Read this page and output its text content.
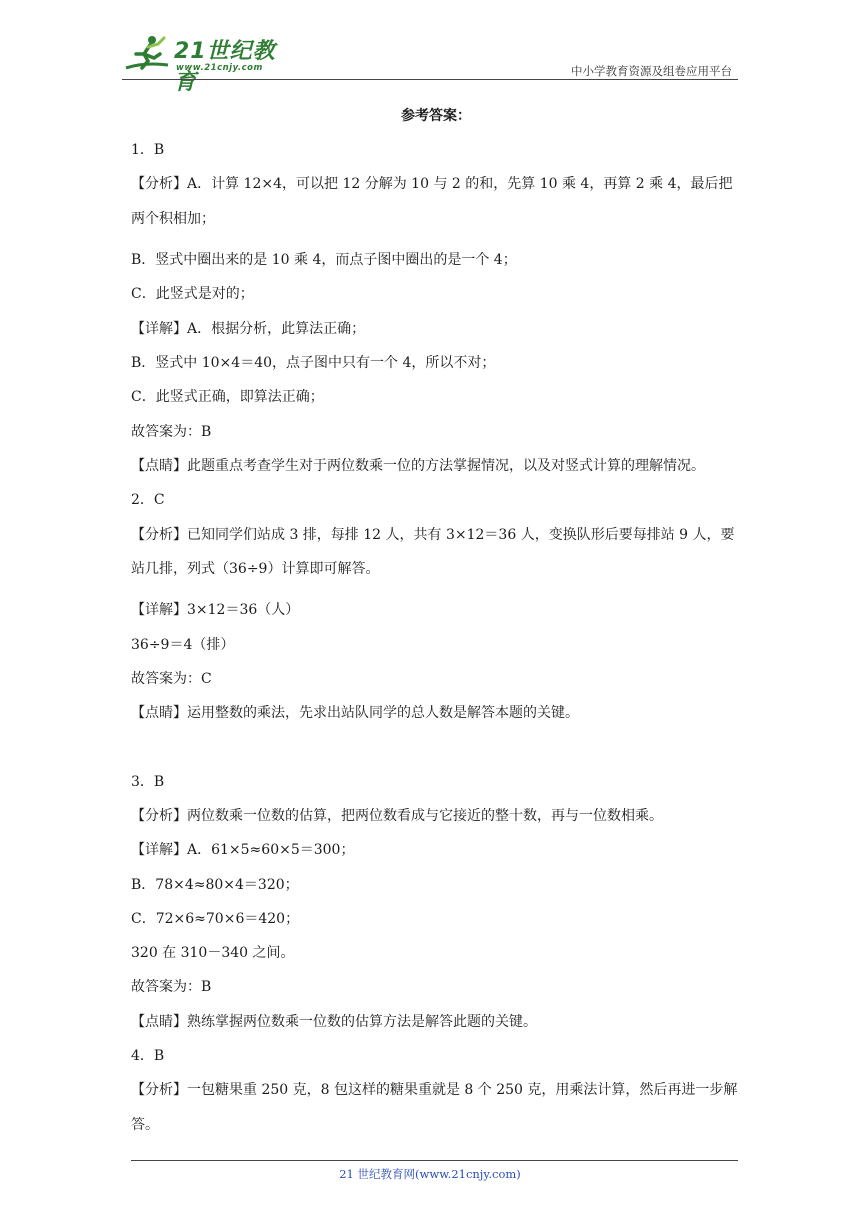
21世纪教育
www.21cnjy.com	中小学教育资源及组卷应用平台
参考答案：
1．B
【分析】A．计算 12×4，可以把 12 分解为 10 与 2 的和，先算 10 乘 4，再算 2 乘 4，最后把两个积相加；
B．竖式中圈出来的是 10 乘 4，而点子图中圈出的是一个 4；
C．此竖式是对的；
【详解】A．根据分析，此算法正确；
B．竖式中 10×4＝40，点子图中只有一个 4，所以不对；
C．此竖式正确，即算法正确；
故答案为：B
【点睛】此题重点考查学生对于两位数乘一位的方法掌握情况，以及对竖式计算的理解情况。
2．C
【分析】已知同学们站成 3 排，每排 12 人，共有 3×12＝36 人，变换队形后要每排站 9 人，要站几排，列式（36÷9）计算即可解答。
【详解】3×12＝36（人）
36÷9＝4（排）
故答案为：C
【点睛】运用整数的乘法，先求出站队同学的总人数是解答本题的关键。
3．B
【分析】两位数乘一位数的估算，把两位数看成与它接近的整十数，再与一位数相乘。
【详解】A．61×5≈60×5＝300；
B．78×4≈80×4＝320；
C．72×6≈70×6＝420；
320 在 310－340 之间。
故答案为：B
【点睛】熟练掌握两位数乘一位数的估算方法是解答此题的关键。
4．B
【分析】一包糖果重 250 克，8 包这样的糖果重就是 8 个 250 克，用乘法计算，然后再进一步解答。
21 世纪教育网(www.21cnjy.com)
